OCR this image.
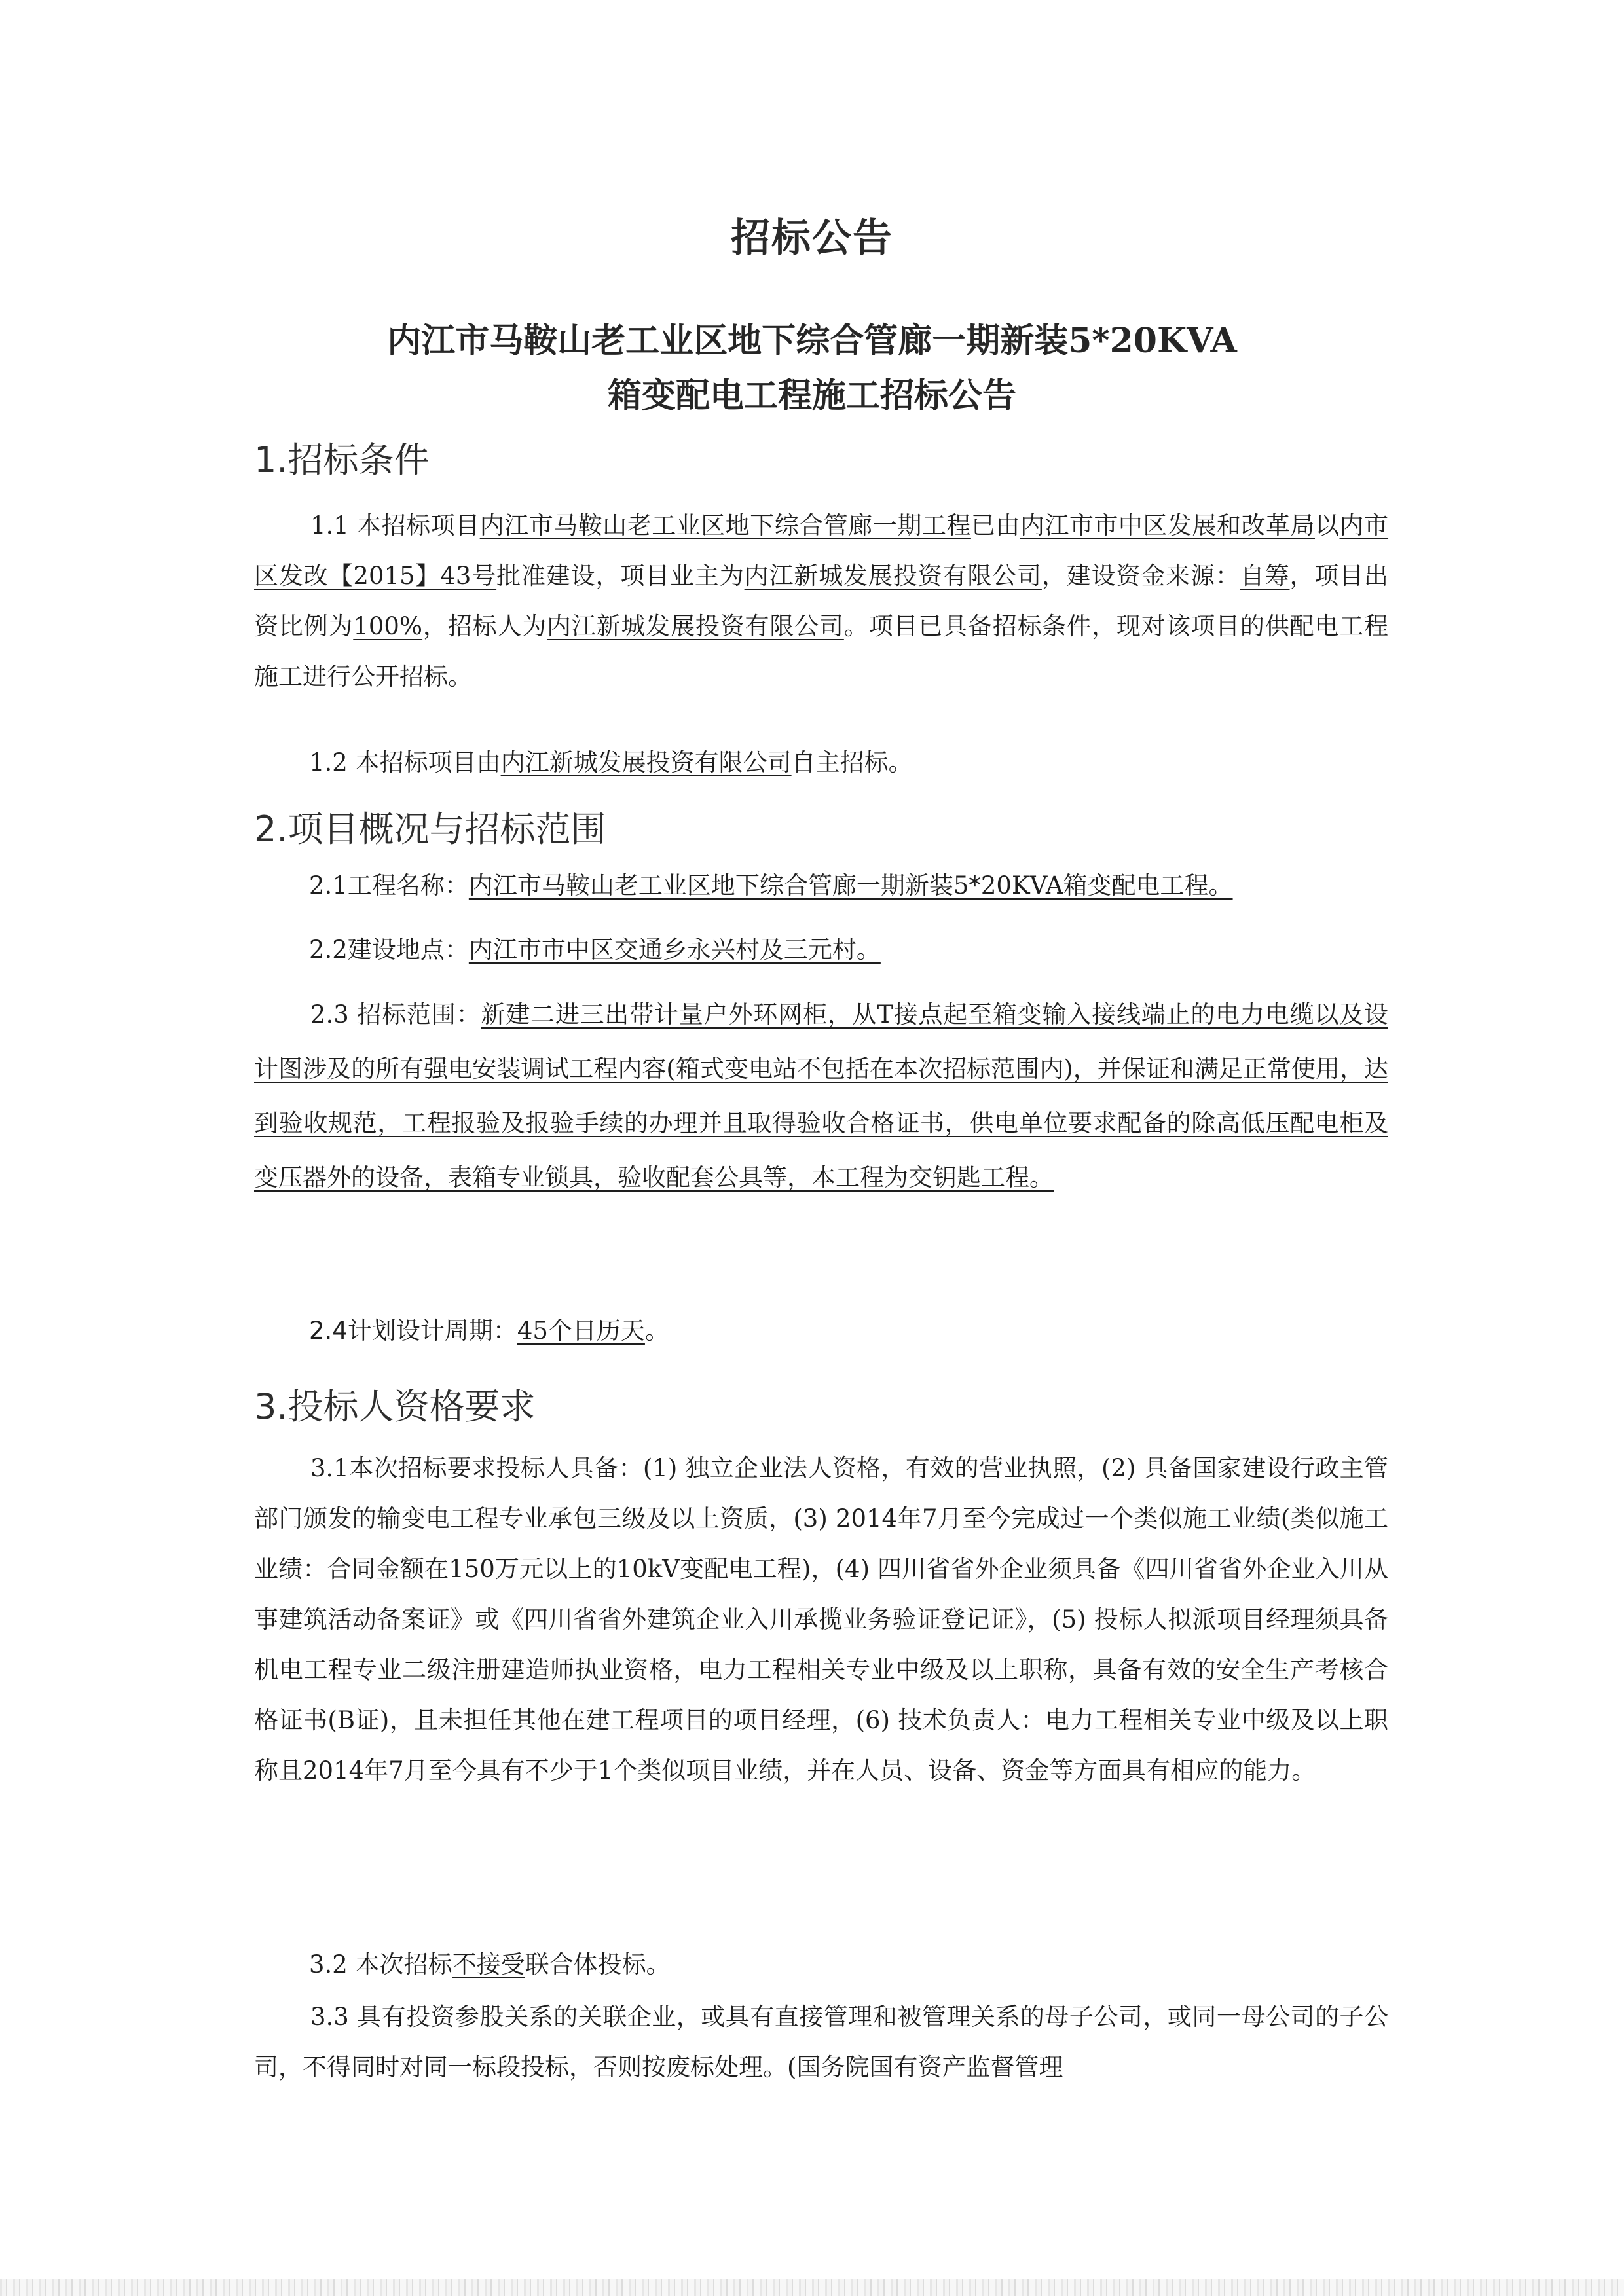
招标公告
内江市马鞍山老工业区地下综合管廊一期新装5*20KVA
箱变配电工程施工招标公告
1.招标条件

1.1 本招标项目内江市马鞍山老工业区地下综合管廊一期工程已由内江市市中区发展和改革局以内市区发改【2015】43号批准建设，项目业主为内江新城发展投资有限公司，建设资金来源：自筹，项目出资比例为100%，招标人为内江新城发展投资有限公司。项目已具备招标条件，现对该项目的供配电工程施工进行公开招标。

1.2 本招标项目由内江新城发展投资有限公司自主招标。
2.项目概况与招标范围
2.1工程名称：内江市马鞍山老工业区地下综合管廊一期新装5*20KVA箱变配电工程。
2.2建设地点：内江市市中区交通乡永兴村及三元村。

2.3 招标范围：新建二进三出带计量户外环网柜，从T接点起至箱变输入接线端止的电力电缆以及设计图涉及的所有强电安装调试工程内容(箱式变电站不包括在本次招标范围内)，并保证和满足正常使用，达到验收规范，工程报验及报验手续的办理并且取得验收合格证书，供电单位要求配备的除高低压配电柜及变压器外的设备，表箱专业锁具，验收配套公具等，本工程为交钥匙工程。

2.4计划设计周期：45个日历天。
3.投标人资格要求

3.1本次招标要求投标人具备：(1) 独立企业法人资格，有效的营业执照，(2) 具备国家建设行政主管部门颁发的输变电工程专业承包三级及以上资质，(3) 2014年7月至今完成过一个类似施工业绩(类似施工业绩：合同金额在150万元以上的10kV变配电工程)，(4) 四川省省外企业须具备《四川省省外企业入川从事建筑活动备案证》或《四川省省外建筑企业入川承揽业务验证登记证》，(5) 投标人拟派项目经理须具备机电工程专业二级注册建造师执业资格，电力工程相关专业中级及以上职称，具备有效的安全生产考核合格证书(B证)，且未担任其他在建工程项目的项目经理，(6) 技术负责人：电力工程相关专业中级及以上职称且2014年7月至今具有不少于1个类似项目业绩，并在人员、设备、资金等方面具有相应的能力。

3.2 本次招标不接受联合体投标。

3.3 具有投资参股关系的关联企业，或具有直接管理和被管理关系的母子公司，或同一母公司的子公司，不得同时对同一标段投标，否则按废标处理。(国务院国有资产监督管理
